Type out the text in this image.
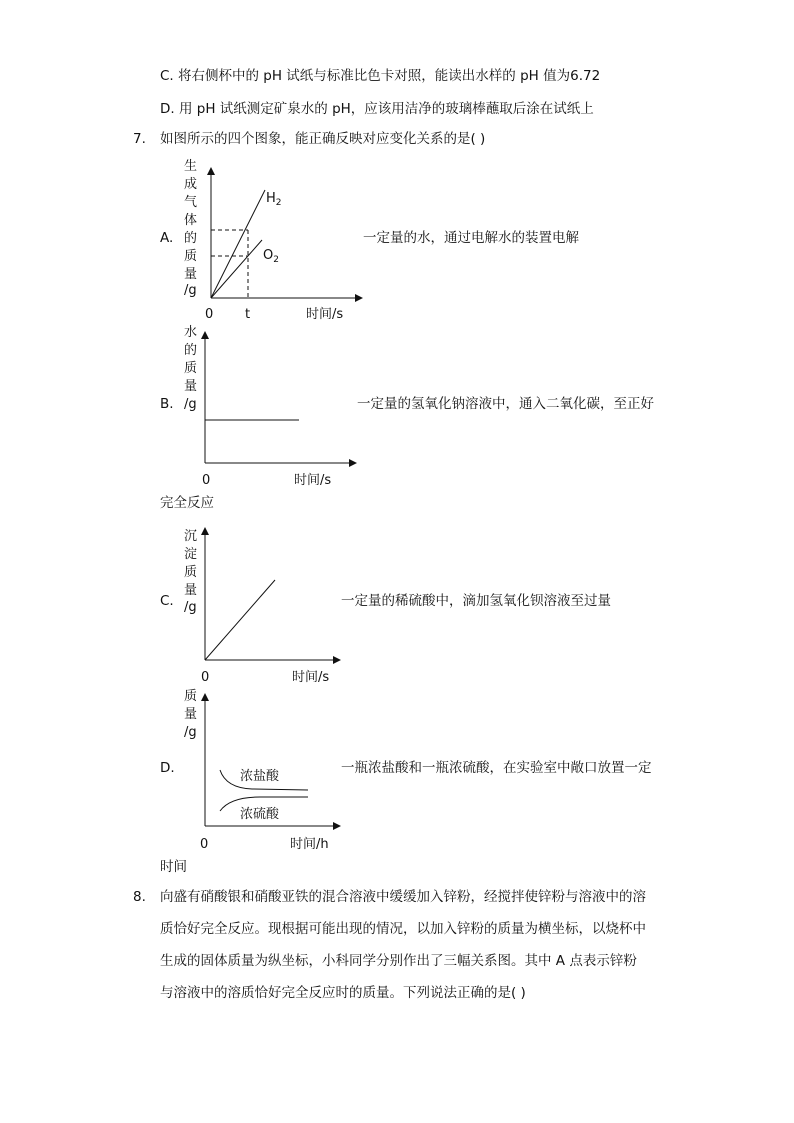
C. 将右侧杯中的 pH 试纸与标准比色卡对照，能读出水样的 pH 值为6.72
D. 用 pH 试纸测定矿泉水的 pH，应该用洁净的玻璃棒蘸取后涂在试纸上
7. 如图所示的四个图象，能正确反映对应变化关系的是( )
A.	一定量的水，通过电解水的装置电解
B.	一定量的氢氧化钠溶液中，通入二氧化碳，至正好
完全反应
C.	一定量的稀硫酸中，滴加氢氧化钡溶液至过量
D.	一瓶浓盐酸和一瓶浓硫酸，在实验室中敞口放置一定
时间
生
成
气
体
的
质
量
/g
$H_2$
$O_2$
0 t	时间/s
水
的
质
量
/g
0	时间/s
沉
淀
质
量
/g
0	时间/s
质
量
/g
浓盐酸
浓硫酸
0	时间/h
8. 向盛有硝酸银和硝酸亚铁的混合溶液中缓缓加入锌粉，经搅拌使锌粉与溶液中的溶
质恰好完全反应。现根据可能出现的情况，以加入锌粉的质量为横坐标，以烧杯中
生成的固体质量为纵坐标，小科同学分别作出了三幅关系图。其中 A 点表示锌粉
与溶液中的溶质恰好完全反应时的质量。下列说法正确的是( )
